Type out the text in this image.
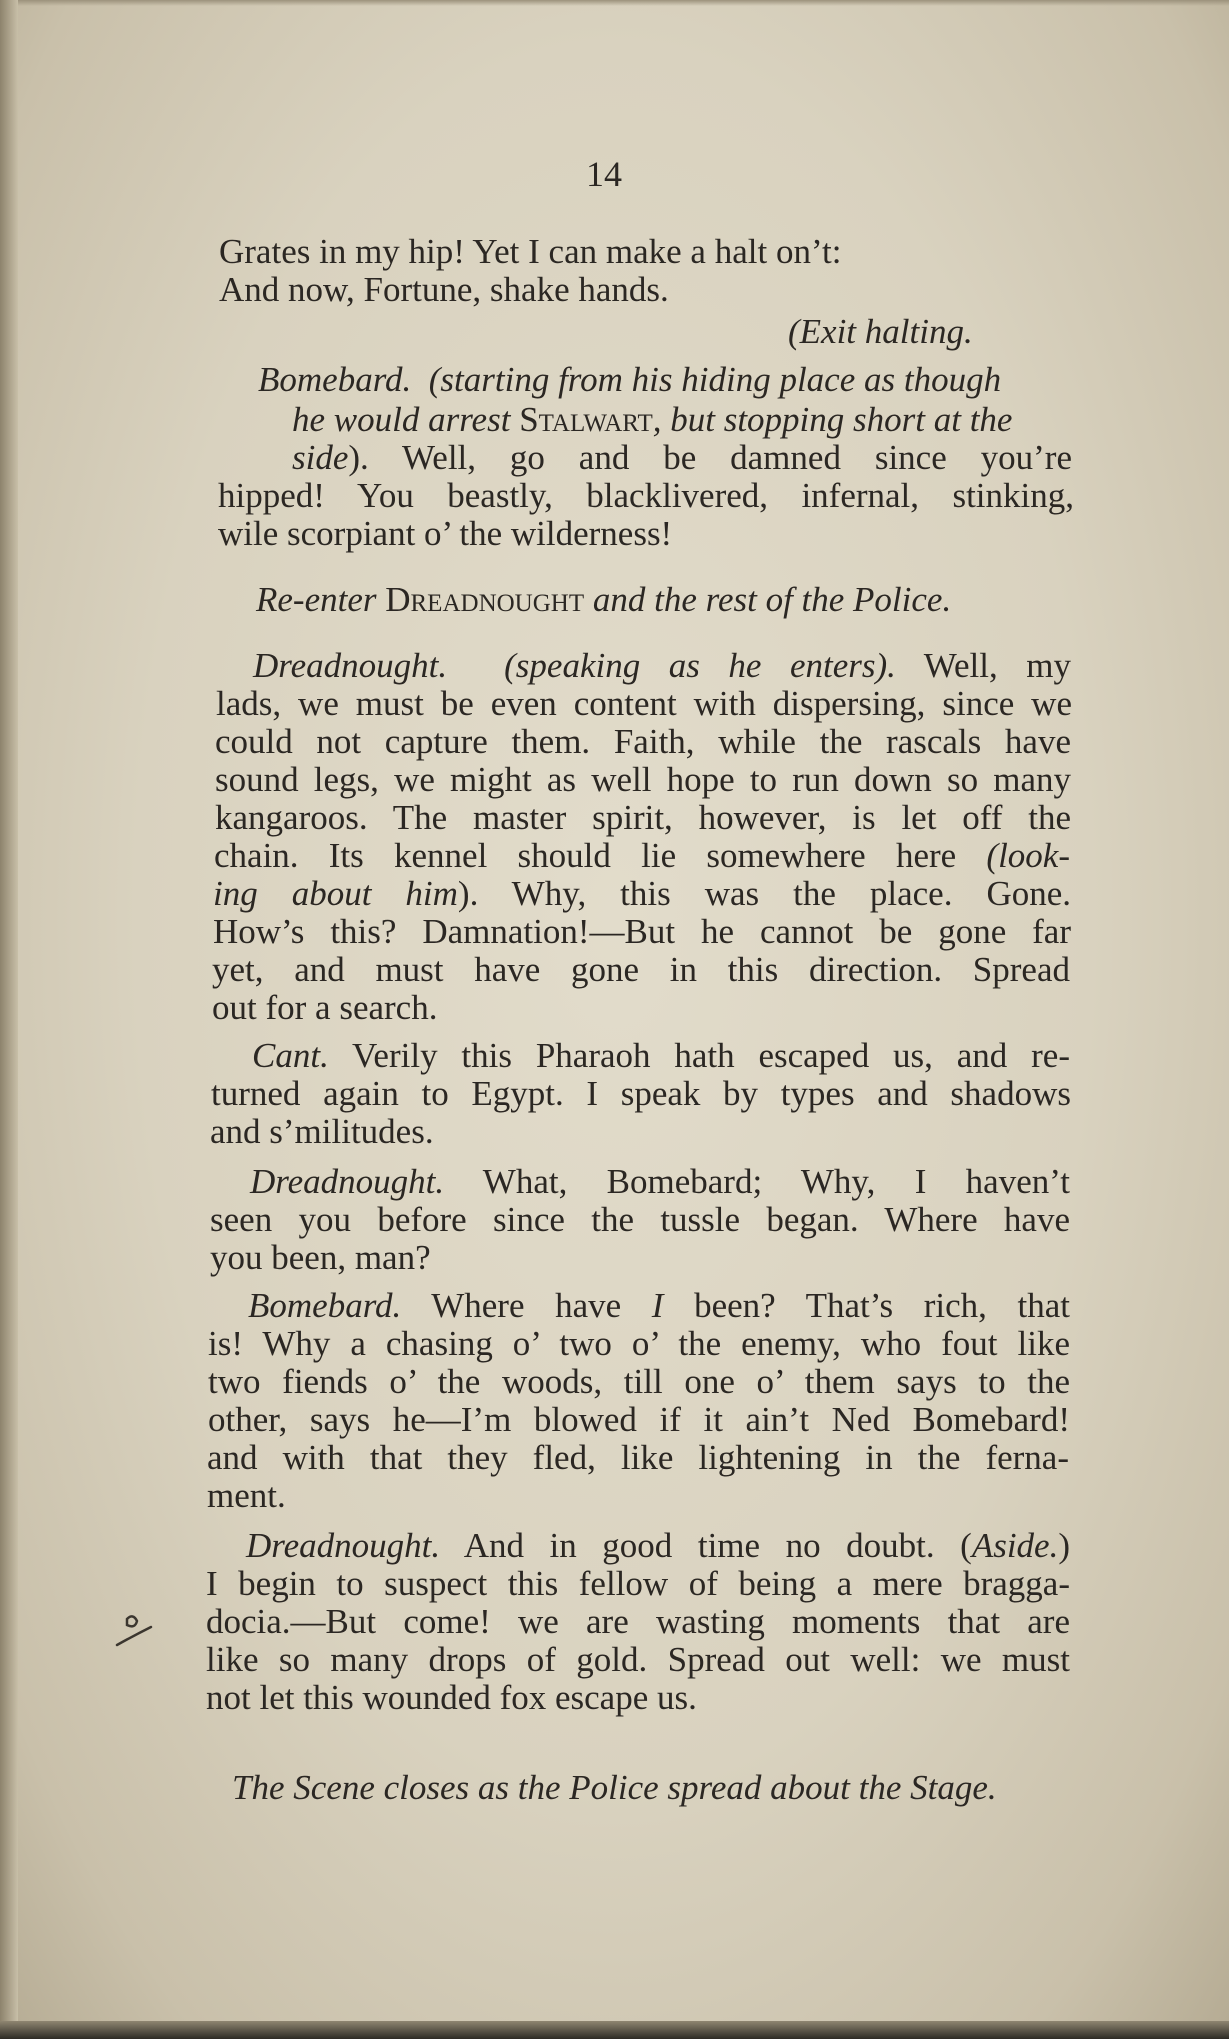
14
Grates in my hip! Yet I can make a halt on’t:
And now, Fortune, shake hands.
(Exit halting.
Bomebard. (starting from his hiding place as though
he would arrest Stalwart, but stopping short at the
side). Well, go and be damned since you’re
hipped! You beastly, blacklivered, infernal, stinking,
wile scorpiant o’ the wilderness!
Re-enter Dreadnought and the rest of the Police.
Dreadnought. (speaking as he enters). Well, my
lads, we must be even content with dispersing, since we
could not capture them. Faith, while the rascals have
sound legs, we might as well hope to run down so many
kangaroos. The master spirit, however, is let off the
chain. Its kennel should lie somewhere here (look-
ing about him). Why, this was the place. Gone.
How’s this? Damnation!—But he cannot be gone far
yet, and must have gone in this direction. Spread
out for a search.
Cant. Verily this Pharaoh hath escaped us, and re-
turned again to Egypt. I speak by types and shadows
and s’militudes.
Dreadnought. What, Bomebard; Why, I haven’t
seen you before since the tussle began. Where have
you been, man?
Bomebard. Where have I been? That’s rich, that
is! Why a chasing o’ two o’ the enemy, who fout like
two fiends o’ the woods, till one o’ them says to the
other, says he—I’m blowed if it ain’t Ned Bomebard!
and with that they fled, like lightening in the ferna-
ment.
Dreadnought. And in good time no doubt. (Aside.)
I begin to suspect this fellow of being a mere bragga-
docia.—But come! we are wasting moments that are
like so many drops of gold. Spread out well: we must
not let this wounded fox escape us.
The Scene closes as the Police spread about the Stage.
